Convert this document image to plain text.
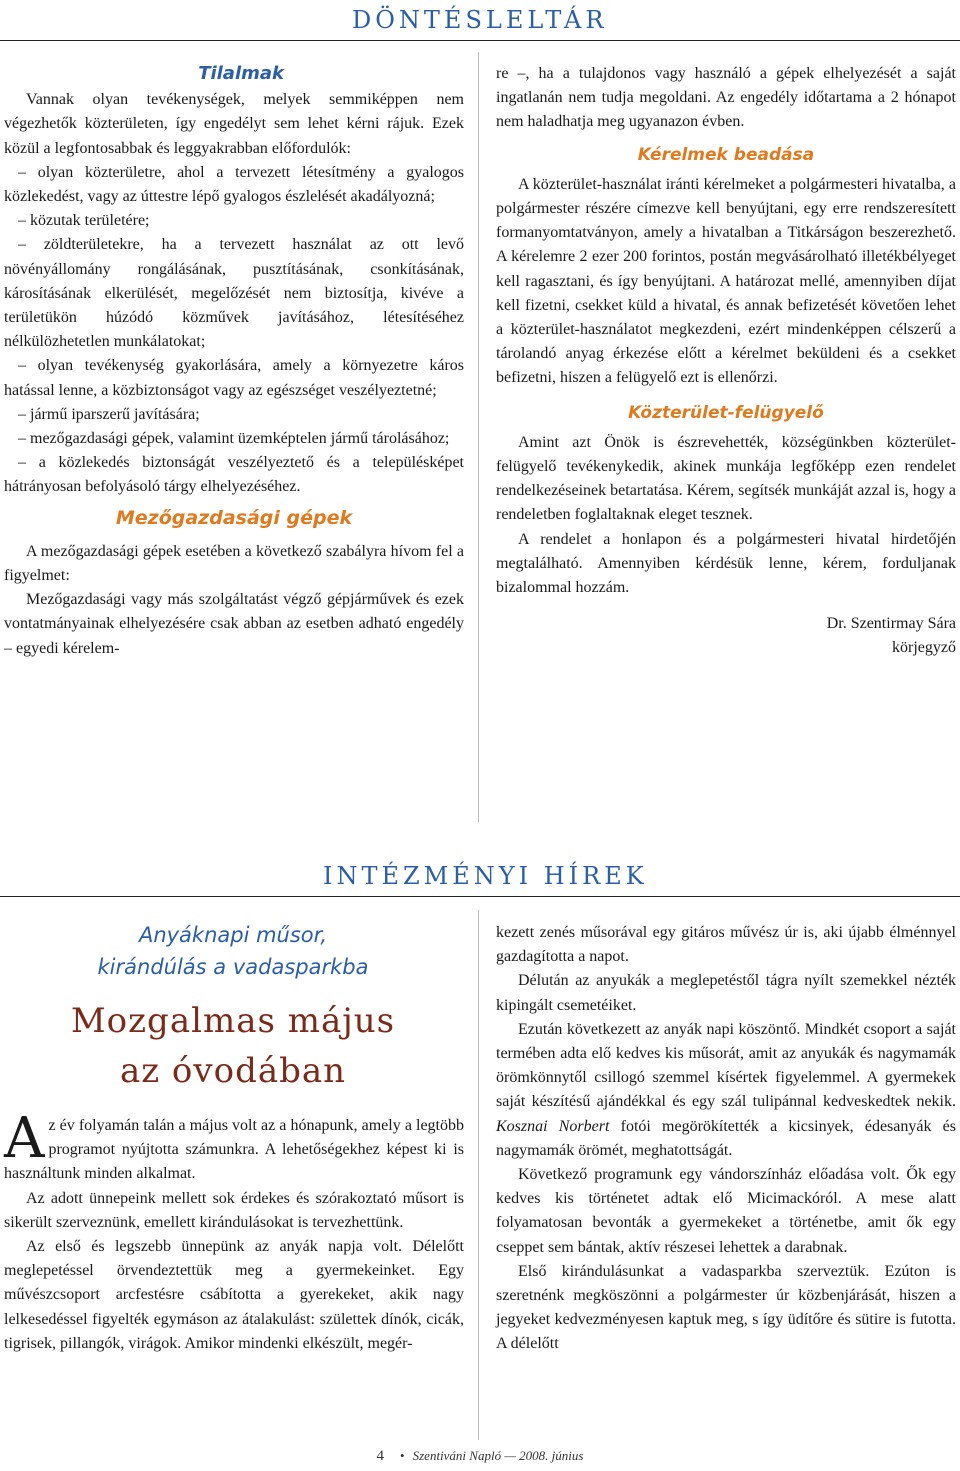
DÖNTÉSLELTÁR
Tilalmak

Vannak olyan tevékenységek, melyek semmiképpen nem végezhetők közterületen, így engedélyt sem lehet kérni rájuk. Ezek közül a legfontosabbak és leggyakrabban előfordulók:

– olyan közterületre, ahol a tervezett létesítmény a gyalogos közlekedést, vagy az úttestre lépő gyalogos észlelését akadályozná;

– közutak területére;

– zöldterületekre, ha a tervezett használat az ott levő növényállomány rongálásának, pusztításának, csonkításának, károsításának elkerülését, megelőzését nem biztosítja, kivéve a területükön húzódó közművek javításához, létesítéséhez nélkülözhetetlen munkálatokat;

– olyan tevékenység gyakorlására, amely a környezetre káros hatással lenne, a közbiztonságot vagy az egészséget veszélyeztetné;

– jármű iparszerű javítására;

– mezőgazdasági gépek, valamint üzemképtelen jármű tárolásához;

– a közlekedés biztonságát veszélyeztető és a településképet hátrányosan befolyásoló tárgy elhelyezéséhez.

Mezőgazdasági gépek

A mezőgazdasági gépek esetében a következő szabályra hívom fel a figyelmet:

Mezőgazdasági vagy más szolgáltatást végző gépjárművek és ezek vontatmányainak elhelyezésére csak abban az esetben adható engedély – egyedi kérelem-

re –, ha a tulajdonos vagy használó a gépek elhelyezését a saját ingatlanán nem tudja megoldani. Az engedély időtartama a 2 hónapot nem haladhatja meg ugyanazon évben.

Kérelmek beadása

A közterület-használat iránti kérelmeket a polgármesteri hivatalba, a polgármester részére címezve kell benyújtani, egy erre rendszeresített formanyomtatványon, amely a hivatalban a Titkárságon beszerezhető. A kérelemre 2 ezer 200 forintos, postán megvásárolható illetékbélyeget kell ragasztani, és így benyújtani. A határozat mellé, amennyiben díjat kell fizetni, csekket küld a hivatal, és annak befizetését követően lehet a közterület-használatot megkezdeni, ezért mindenképpen célszerű a tárolandó anyag érkezése előtt a kérelmet beküldeni és a csekket befizetni, hiszen a felügyelő ezt is ellenőrzi.

Közterület-felügyelő

Amint azt Önök is észrevehették, községünkben közterület-felügyelő tevékenykedik, akinek munkája legfőképp ezen rendelet rendelkezéseinek betartatása. Kérem, segítsék munkáját azzal is, hogy a rendeletben foglaltaknak eleget tesznek.

A rendelet a honlapon és a polgármesteri hivatal hirdetőjén megtalálható. Amennyiben kérdésük lenne, kérem, forduljanak bizalommal hozzám.

Dr. Szentirmay Sára

körjegyző

INTÉZMÉNYI HÍREK
Anyáknapi műsor,
kirándúlás a vadasparkba
Mozgalmas május
az óvodában

Az év folyamán talán a május volt az a hónapunk, amely a legtöbb programot nyújtotta számunkra. A lehetőségekhez képest ki is használtunk minden alkalmat.

Az adott ünnepeink mellett sok érdekes és szórakoztató műsort is sikerült szerveznünk, emellett kirándulásokat is tervezhettünk.

Az első és legszebb ünnepünk az anyák napja volt. Délelőtt meglepetéssel örvendeztettük meg a gyermekeinket. Egy művészcsoport arcfestésre csábította a gyerekeket, akik nagy lelkesedéssel figyelték egymáson az átalakulást: születtek dínók, cicák, tigrisek, pillangók, virágok. Amikor mindenki elkészült, megér-

kezett zenés műsorával egy gitáros művész úr is, aki újabb élménnyel gazdagította a napot.

Délután az anyukák a meglepetéstől tágra nyílt szemekkel nézték kipingált csemetéiket.

Ezután következett az anyák napi köszöntő. Mindkét csoport a saját termében adta elő kedves kis műsorát, amit az anyukák és nagymamák örömkönnytől csillogó szemmel kísértek figyelemmel. A gyermekek saját készítésű ajándékkal és egy szál tulipánnal kedveskedtek nekik. Kosznai Norbert fotói megörökítették a kicsinyek, édesanyák és nagymamák örömét, meghatottságát.

Következő programunk egy vándorszínház előadása volt. Ők egy kedves kis történetet adtak elő Micimackóról. A mese alatt folyamatosan bevonták a gyermekeket a történetbe, amit ők egy cseppet sem bántak, aktív részesei lehettek a darabnak.

Első kirándulásunkat a vadasparkba szerveztük. Ezúton is szeretnénk megköszönni a polgármester úr közbenjárását, hiszen a jegyeket kedvezményesen kaptuk meg, s így üdítőre és sütire is futotta. A délelőtt

4 • Szentiváni Napló — 2008. június
